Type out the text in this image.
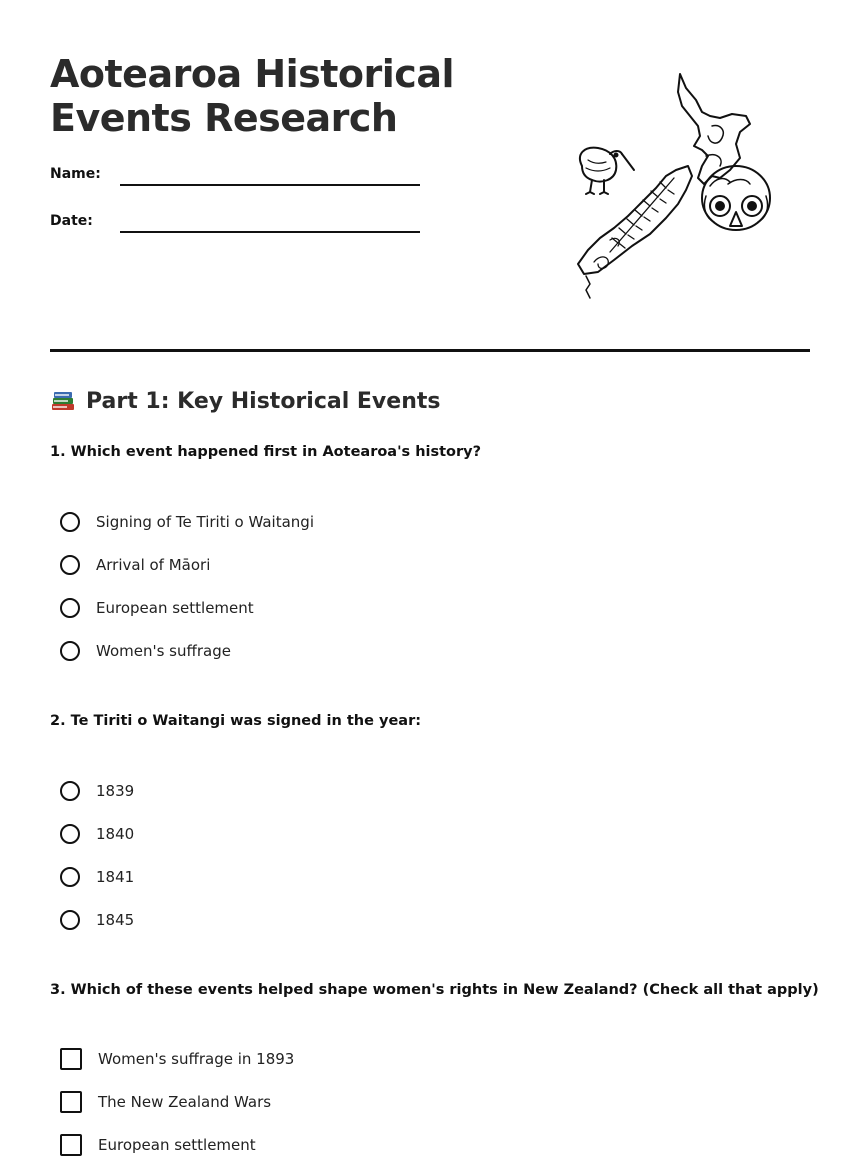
Aotearoa Historical
Events Research
Name:
Date:
Part 1: Key Historical Events

1. Which event happened first in Aotearoa's history?

Signing of Te Tiriti o Waitangi
Arrival of Māori
European settlement
Women's suffrage

2. Te Tiriti o Waitangi was signed in the year:

1839
1840
1841
1845

3. Which of these events helped shape women's rights in New Zealand? (Check all that apply)

Women's suffrage in 1893
The New Zealand Wars
European settlement
